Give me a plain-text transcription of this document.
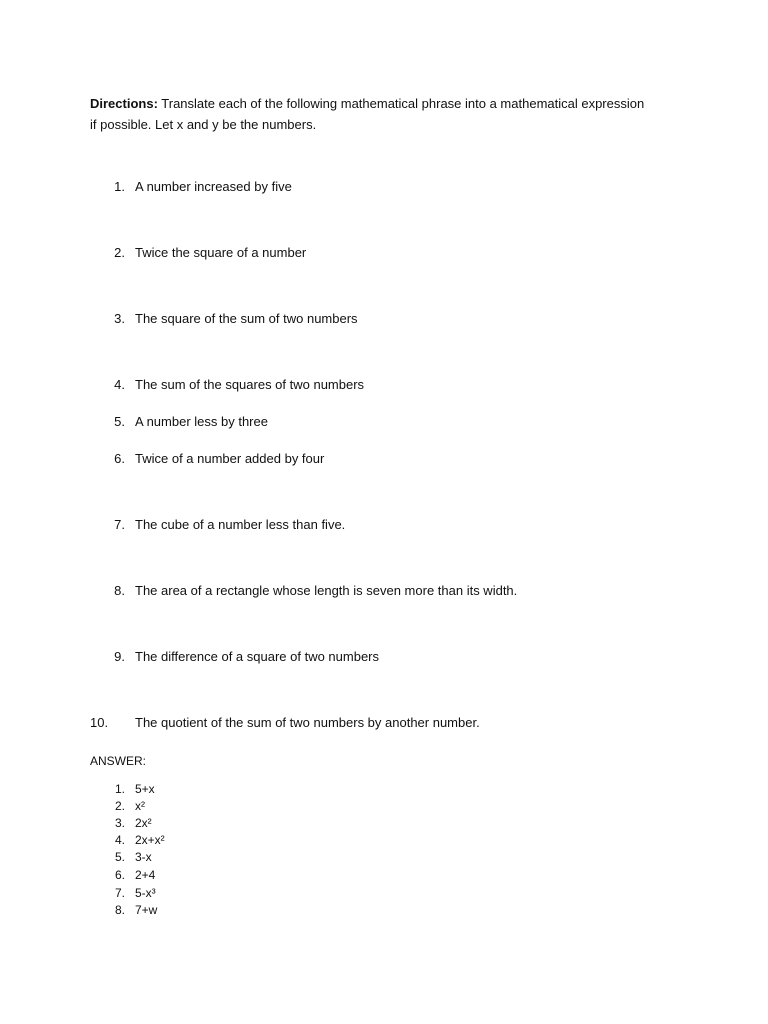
Directions: Translate each of the following mathematical phrase into a mathematical expression if possible. Let x and y be the numbers.
1. A number increased by five
2. Twice the square of a number
3. The square of the sum of two numbers
4. The sum of the squares of two numbers
5. A number less by three
6. Twice of a number added by four
7. The cube of a number less than five.
8. The area of a rectangle whose length is seven more than its width.
9. The difference of a square of two numbers
10.	The quotient of the sum of two numbers by another number.
ANSWER:
1. 5+x
2. x²
3. 2x²
4. 2x+x²
5. 3-x
6. 2+4
7. 5-x³
8. 7+w
